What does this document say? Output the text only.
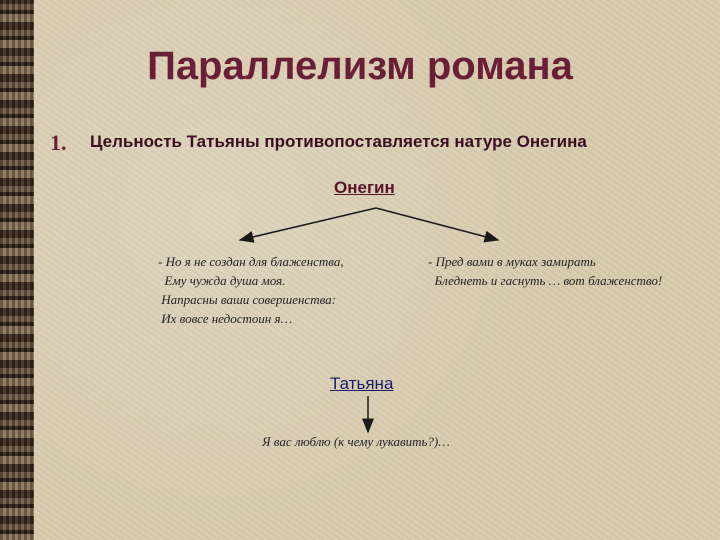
Параллелизм романа
1. Цельность Татьяны противопоставляется натуре Онегина
Онегин
- Но я не создан для блаженства,
Ему чужда душа моя.
Напрасны ваши совершенства:
Их вовсе недостоин я…
- Пред вами в муках замирать
Бледнеть и гаснуть … вот блаженство!
Татьяна
Я вас люблю (к чему лукавить?)…
